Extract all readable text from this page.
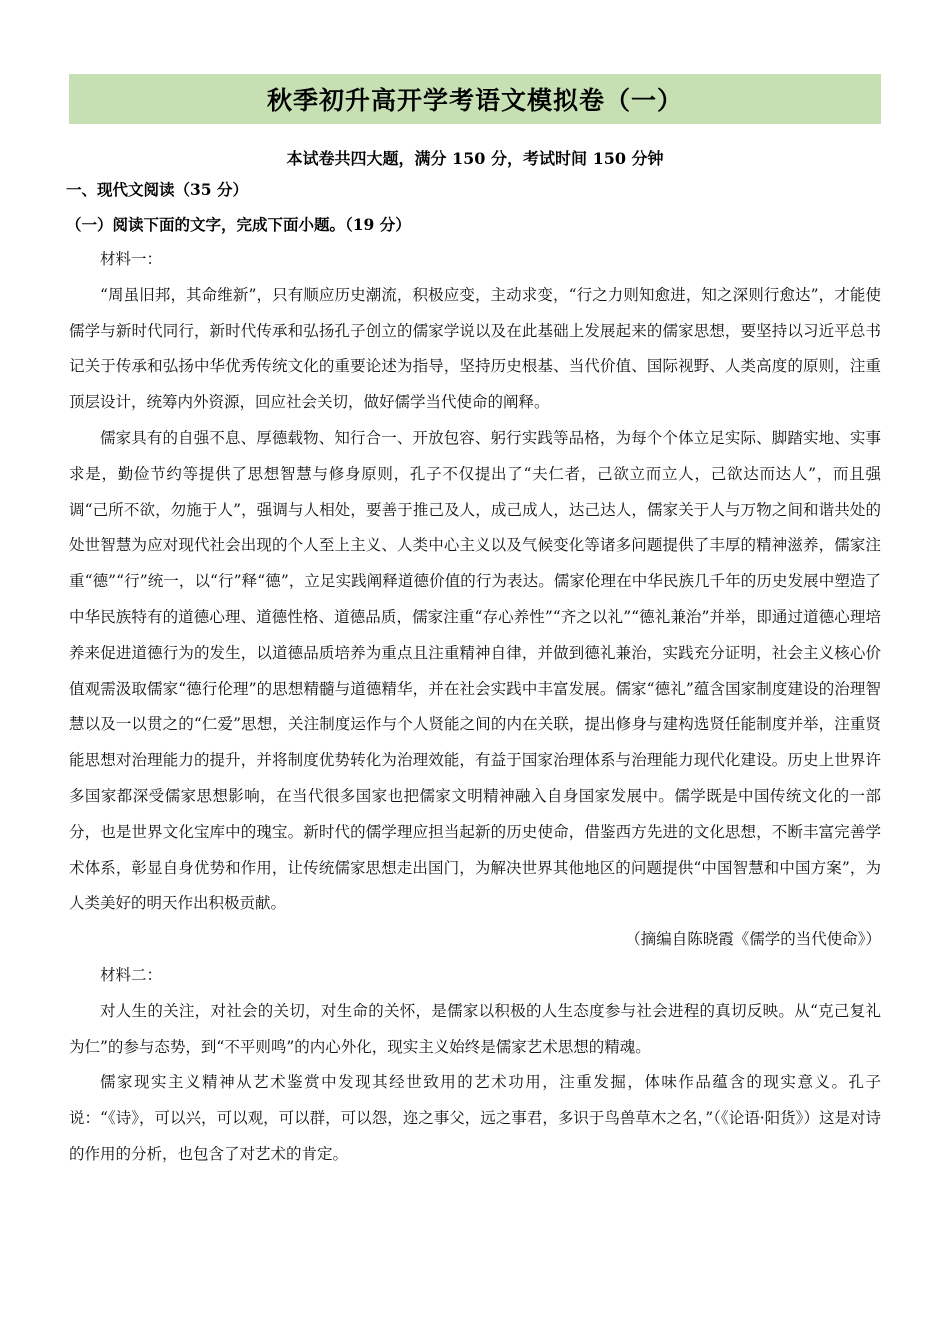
秋季初升高开学考语文模拟卷（一）
本试卷共四大题，满分 150 分，考试时间 150 分钟
一、现代文阅读（35 分）
（一）阅读下面的文字，完成下面小题。（19 分）

材料一：

“周虽旧邦，其命维新”，只有顺应历史潮流，积极应变，主动求变，“行之力则知愈进，知之深则行愈达”，才能使儒学与新时代同行，新时代传承和弘扬孔子创立的儒家学说以及在此基础上发展起来的儒家思想，要坚持以习近平总书记关于传承和弘扬中华优秀传统文化的重要论述为指导，坚持历史根基、当代价值、国际视野、人类高度的原则，注重顶层设计，统筹内外资源，回应社会关切，做好儒学当代使命的阐释。

儒家具有的自强不息、厚德载物、知行合一、开放包容、躬行实践等品格，为每个个体立足实际、脚踏实地、实事求是，勤俭节约等提供了思想智慧与修身原则，孔子不仅提出了“夫仁者，己欲立而立人，己欲达而达人”，而且强调“己所不欲，勿施于人”，强调与人相处，要善于推己及人，成己成人，达己达人，儒家关于人与万物之间和谐共处的处世智慧为应对现代社会出现的个人至上主义、人类中心主义以及气候变化等诸多问题提供了丰厚的精神滋养，儒家注重“德”“行”统一，以“行”释“德”，立足实践阐释道德价值的行为表达。儒家伦理在中华民族几千年的历史发展中塑造了中华民族特有的道德心理、道德性格、道德品质，儒家注重“存心养性”“齐之以礼”“德礼兼治”并举，即通过道德心理培养来促进道德行为的发生，以道德品质培养为重点且注重精神自律，并做到德礼兼治，实践充分证明，社会主义核心价值观需汲取儒家“德行伦理”的思想精髓与道德精华，并在社会实践中丰富发展。儒家“德礼”蕴含国家制度建设的治理智慧以及一以贯之的“仁爱”思想，关注制度运作与个人贤能之间的内在关联，提出修身与建构选贤任能制度并举，注重贤能思想对治理能力的提升，并将制度优势转化为治理效能，有益于国家治理体系与治理能力现代化建设。历史上世界许多国家都深受儒家思想影响，在当代很多国家也把儒家文明精神融入自身国家发展中。儒学既是中国传统文化的一部分，也是世界文化宝库中的瑰宝。新时代的儒学理应担当起新的历史使命，借鉴西方先进的文化思想，不断丰富完善学术体系，彰显自身优势和作用，让传统儒家思想走出国门，为解决世界其他地区的问题提供“中国智慧和中国方案”，为人类美好的明天作出积极贡献。

（摘编自陈晓霞《儒学的当代使命》）

材料二：

对人生的关注，对社会的关切，对生命的关怀，是儒家以积极的人生态度参与社会进程的真切反映。从“克己复礼为仁”的参与态势，到“不平则鸣”的内心外化，现实主义始终是儒家艺术思想的精魂。

儒家现实主义精神从艺术鉴赏中发现其经世致用的艺术功用，注重发掘，体味作品蕴含的现实意义。孔子说：“《诗》，可以兴，可以观，可以群，可以怨，迩之事父，远之事君，多识于鸟兽草木之名，”（《论语·阳货》）这是对诗的作用的分析，也包含了对艺术的肯定。
